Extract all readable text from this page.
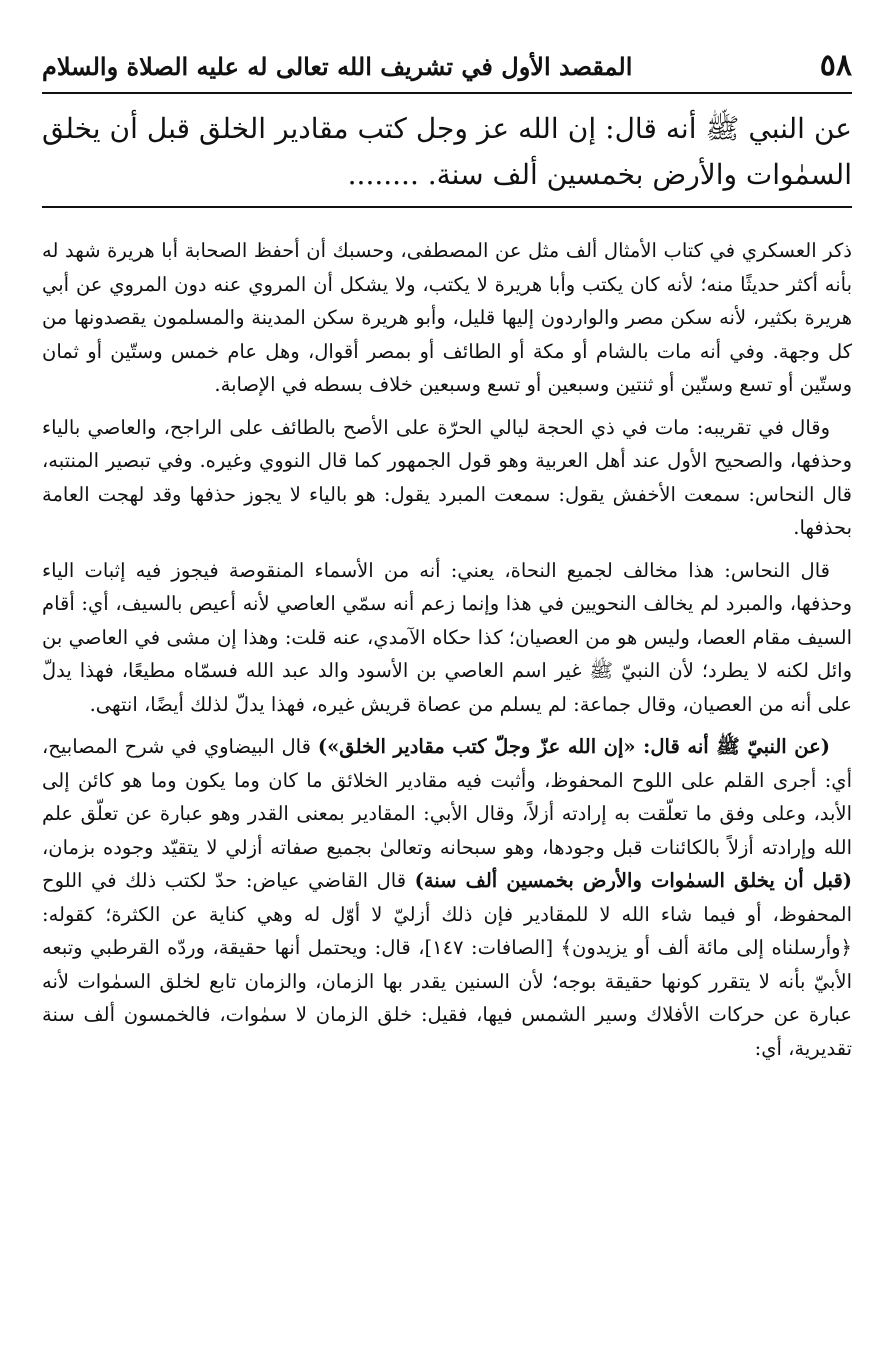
٥٨
المقصد الأول في تشريف الله تعالى له عليه الصلاة والسلام
عن النبي ﷺ أنه قال: إن الله عز وجل كتب مقادير الخلق قبل أن يخلق السمٰوات والأرض بخمسين ألف سنة. ........

ذكر العسكري في كتاب الأمثال ألف مثل عن المصطفى، وحسبك أن أحفظ الصحابة أبا هريرة شهد له بأنه أكثر حديثًا منه؛ لأنه كان يكتب وأبا هريرة لا يكتب، ولا يشكل أن المروي عنه دون المروي عن أبي هريرة بكثير، لأنه سكن مصر والواردون إليها قليل، وأبو هريرة سكن المدينة والمسلمون يقصدونها من كل وجهة. وفي أنه مات بالشام أو مكة أو الطائف أو بمصر أقوال، وهل عام خمس وستّين أو ثمان وستّين أو تسع وستّين أو ثنتين وسبعين أو تسع وسبعين خلاف بسطه في الإصابة.

وقال في تقريبه: مات في ذي الحجة ليالي الحرّة على الأصح بالطائف على الراجح، والعاصي بالياء وحذفها، والصحيح الأول عند أهل العربية وهو قول الجمهور كما قال النووي وغيره. وفي تبصير المنتبه، قال النحاس: سمعت الأخفش يقول: سمعت المبرد يقول: هو بالياء لا يجوز حذفها وقد لهجت العامة بحذفها.

قال النحاس: هذا مخالف لجميع النحاة، يعني: أنه من الأسماء المنقوصة فيجوز فيه إثبات الياء وحذفها، والمبرد لم يخالف النحويين في هذا وإنما زعم أنه سمّي العاصي لأنه أعيص بالسيف، أي: أقام السيف مقام العصا، وليس هو من العصيان؛ كذا حكاه الآمدي، عنه قلت: وهذا إن مشى في العاصي بن وائل لكنه لا يطرد؛ لأن النبيّ ﷺ غير اسم العاصي بن الأسود والد عبد الله فسمّاه مطيعًا، فهذا يدلّ على أنه من العصيان، وقال جماعة: لم يسلم من عصاة قريش غيره، فهذا يدلّ لذلك أيضًا، انتهى.

(عن النبيّ ﷺ أنه قال: «إن الله عزّ وجلّ كتب مقادير الخلق») قال البيضاوي في شرح المصابيح، أي: أجرى القلم على اللوح المحفوظ، وأثبت فيه مقادير الخلائق ما كان وما يكون وما هو كائن إلى الأبد، وعلى وفق ما تعلّقت به إرادته أزلاً، وقال الأبي: المقادير بمعنى القدر وهو عبارة عن تعلّق علم الله وإرادته أزلاً بالكائنات قبل وجودها، وهو سبحانه وتعالىٰ بجميع صفاته أزلي لا يتقيّد وجوده بزمان، (قبل أن يخلق السمٰوات والأرض بخمسين ألف سنة) قال القاضي عياض: حدّ لكتب ذلك في اللوح المحفوظ، أو فيما شاء الله لا للمقادير فإن ذلك أزليّ لا أوّل له وهي كناية عن الكثرة؛ كقوله: ﴿وأرسلناه إلى مائة ألف أو يزيدون﴾ [الصافات: ١٤٧]، قال: ويحتمل أنها حقيقة، وردّه القرطبي وتبعه الأبيّ بأنه لا يتقرر كونها حقيقة بوجه؛ لأن السنين يقدر بها الزمان، والزمان تابع لخلق السمٰوات لأنه عبارة عن حركات الأفلاك وسير الشمس فيها، فقيل: خلق الزمان لا سمٰوات، فالخمسون ألف سنة تقديرية، أي:
